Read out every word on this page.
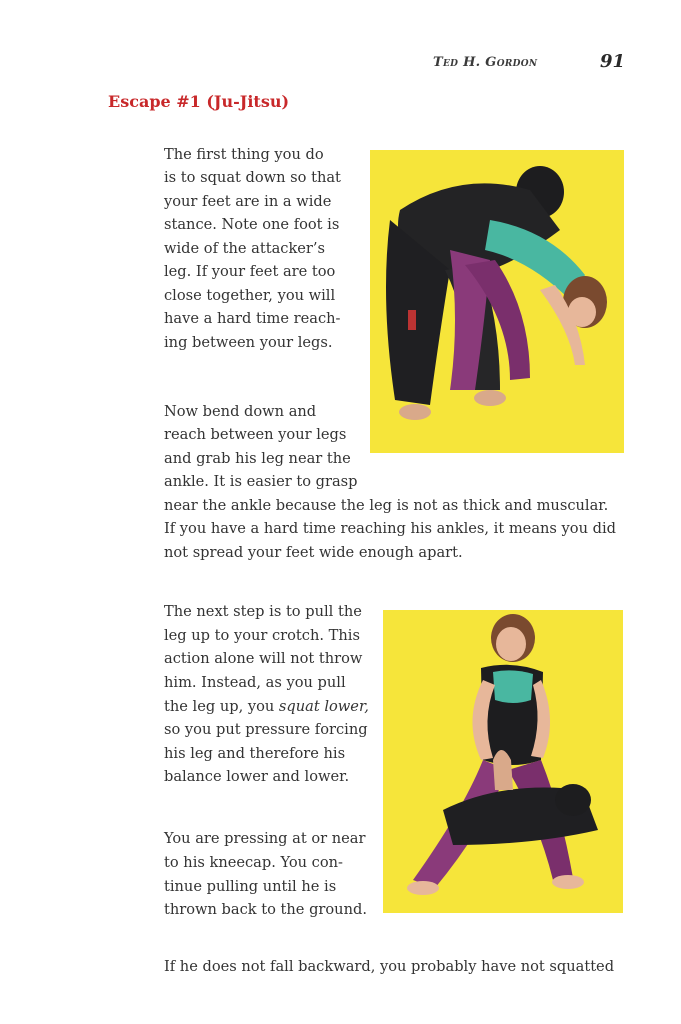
Ted H. Gordon	91
Escape #1 (Ju-Jitsu)
The first thing you do
is to squat down so that
your feet are in a wide
stance. Note one foot is
wide of the attacker’s
leg. If your feet are too
close together, you will
have a hard time reach-
ing between your legs.
Now bend down and
reach between your legs
and grab his leg near the
ankle. It is easier to grasp
near the ankle because the leg is not as thick and muscular.
If you have a hard time reaching his ankles, it means you did
not spread your feet wide enough apart.
The next step is to pull the
leg up to your crotch. This
action alone will not throw
him. Instead, as you pull
the leg up, you squat lower,
so you put pressure forcing
his leg and therefore his
balance lower and lower.
You are pressing at or near
to his kneecap. You con-
tinue pulling until he is
thrown back to the ground.
If he does not fall backward, you probably have not squatted
